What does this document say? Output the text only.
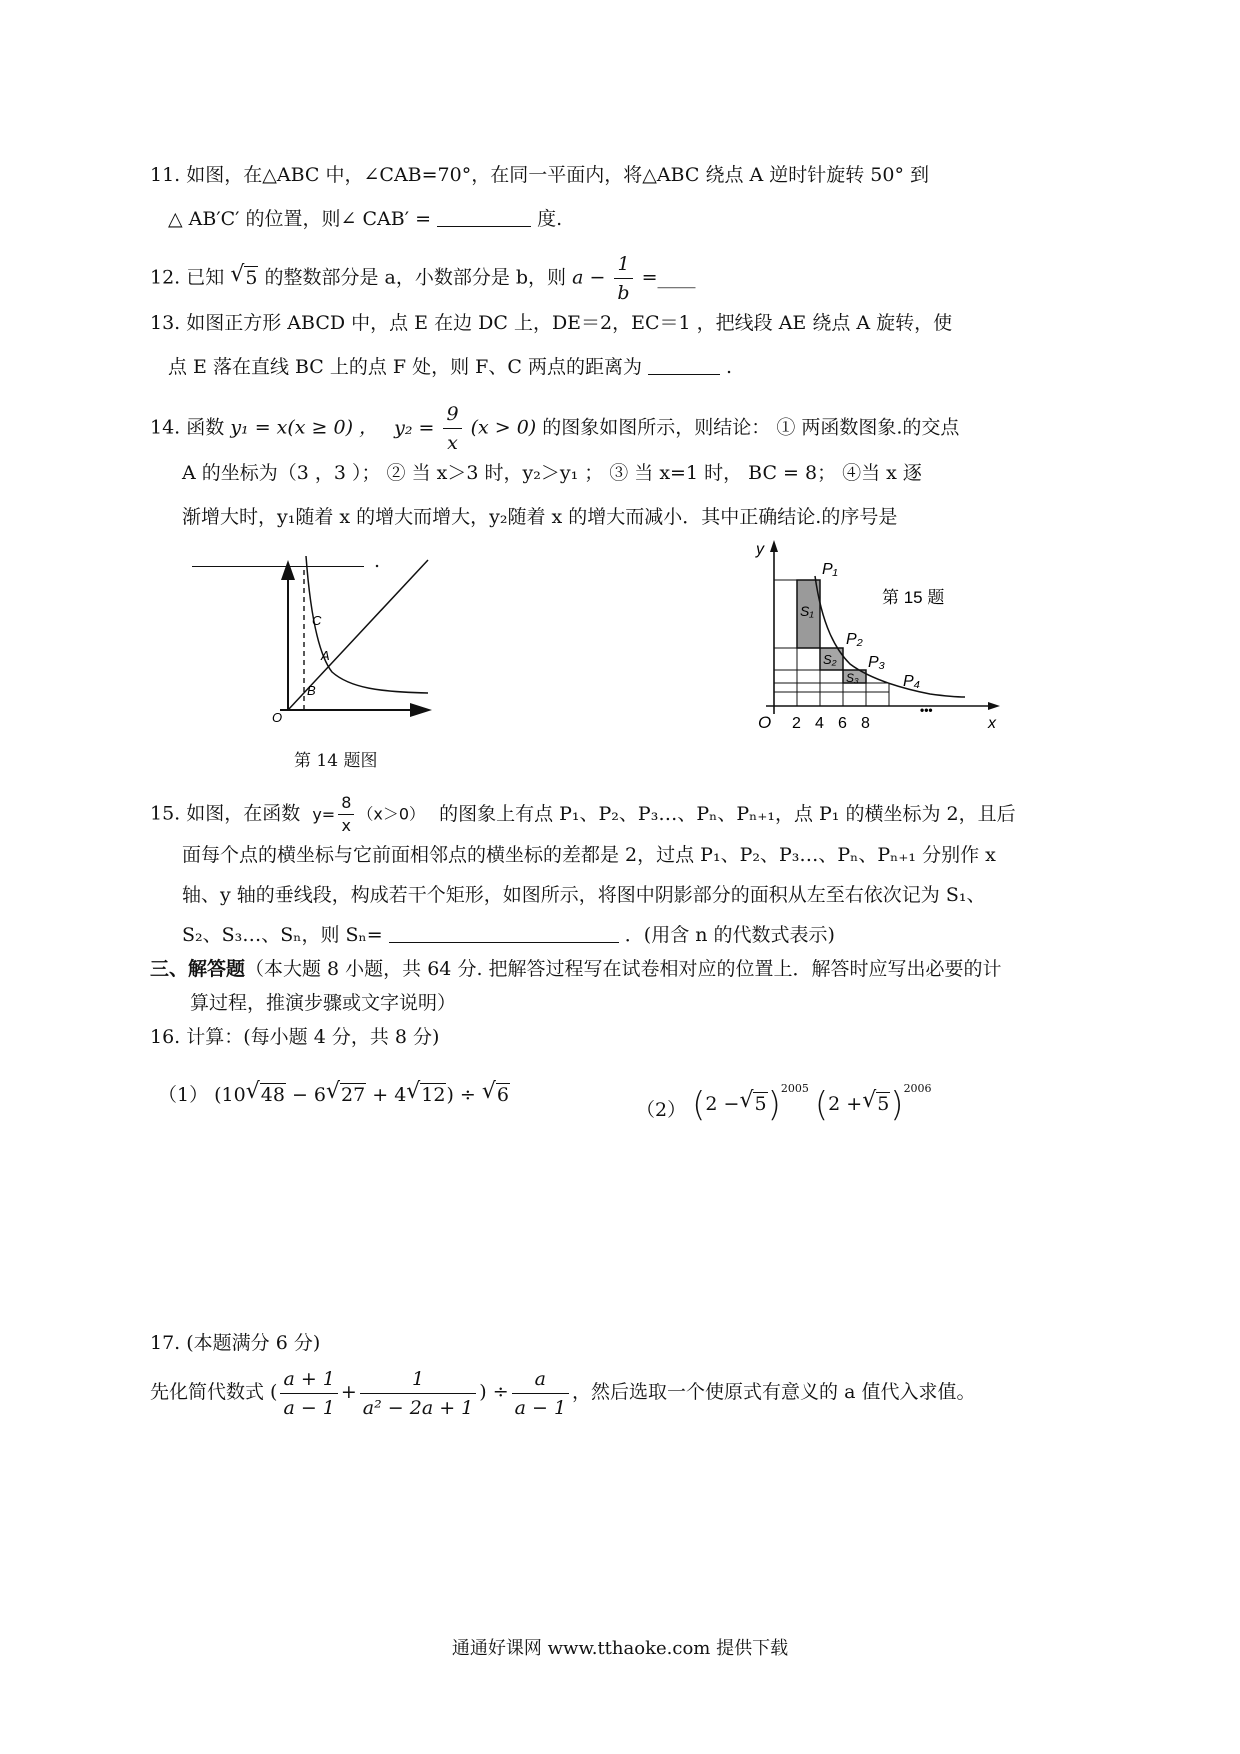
11. 如图，在△ABC 中，∠CAB=70°，在同一平面内，将△ABC 绕点 A 逆时针旋转 50° 到
△ AB′C′ 的位置，则∠ CAB′ =	度.
12. 已知 √ 5 的整数部分是 a，小数部分是 b，则 $a - \frac{1}{b}$ =____
13. 如图正方形 ABCD 中，点 E 在边 DC 上，DE＝2，EC＝1 ，把线段 AE 绕点 A 旋转，使
点 E 落在直线 BC 上的点 F 处，则 F、C 两点的距离为	.
14. 函数 y₁ = x(x ≥ 0) ， $y_2 = \frac{9}{x} (x > 0)$ 的图象如图所示，则结论： ① 两函数图象.的交点
A 的坐标为（3 ，3 ）； ② 当 x＞3 时，y₂＞y₁ ； ③ 当 x=1 时， BC = 8； ④当 x 逐
渐增大时，y₁随着 x 的增大而增大，y₂随着 x 的增大而减小．其中正确结论.的序号是
.
C
A
B
O
第 14 题图
y
x
O
P₁
P₂
P₃
P₄
S₁
S₂
S₃
•••
2 4 6 8
第 15 题
15. 如图，在函数 $y= \frac{8}{x} (x>0)$ 的图象上有点 P₁、P₂、P₃…、Pₙ、Pₙ₊₁，点 P₁ 的横坐标为 2，且后
面每个点的横坐标与它前面相邻点的横坐标的差都是 2，过点 P₁、P₂、P₃…、Pₙ、Pₙ₊₁ 分别作 x
轴、y 轴的垂线段，构成若干个矩形，如图所示，将图中阴影部分的面积从左至右依次记为 S₁、
S₂、S₃…、Sₙ，则 Sₙ=	．(用含 n 的代数式表示)
三、解答题（本大题 8 小题，共 64 分. 把解答过程写在试卷相对应的位置上．解答时应写出必要的计
算过程，推演步骤或文字说明）
16. 计算：(每小题 4 分，共 8 分)
（1） (10 √ 48 − 6 √ 27 + 4 √ 12) ÷ √ 6
（2） (2 − √ 5)$^{2005}$ (2 + √ 5)$^{2006}$
17. (本题满分 6 分)
先化简代数式 ( $\frac{a + 1}{a - 1} + \frac{1}{\text{a² − 2a + 1}}$ ) ÷ $\frac{a}{a - 1}$ ，然后选取一个使原式有意义的 a 值代入求值。
通通好课网 www.tthaoke.com 提供下载
